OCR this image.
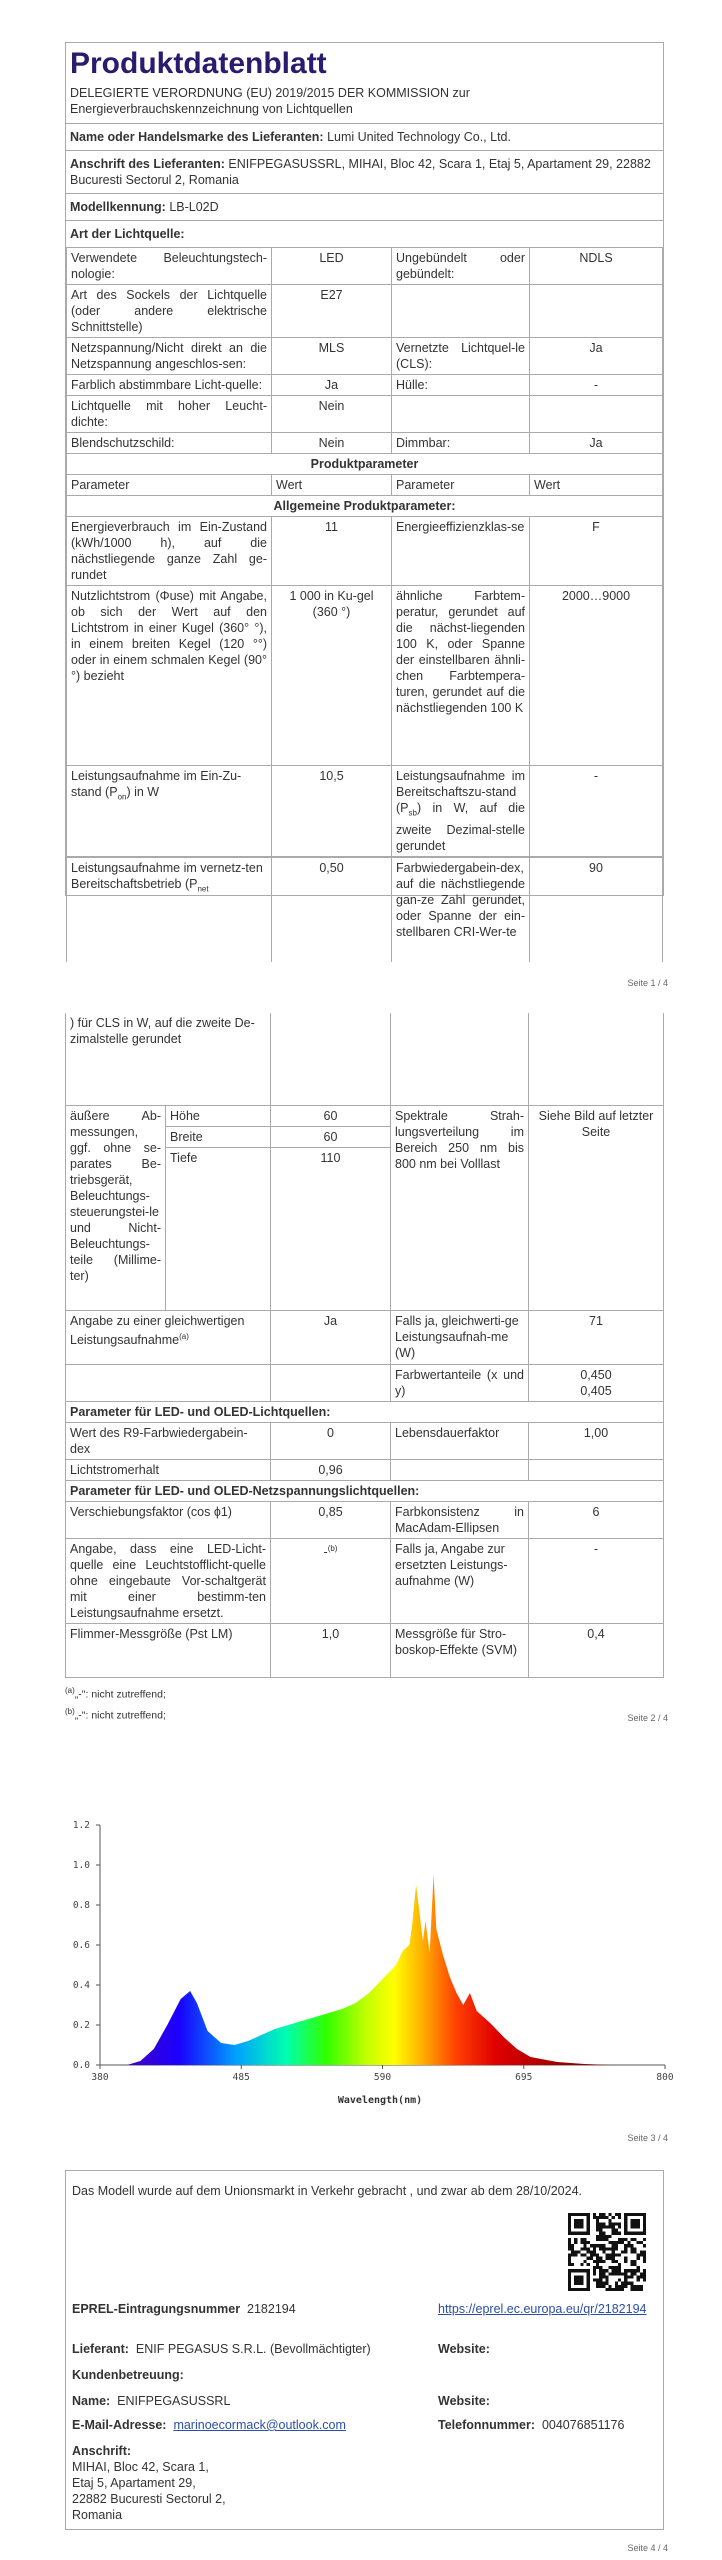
Produktdatenblatt
DELEGIERTE VERORDNUNG (EU) 2019/2015 DER KOMMISSION zur Energieverbrauchskennzeichnung von Lichtquellen
Name oder Handelsmarke des Lieferanten: Lumi United Technology Co., Ltd.
Anschrift des Lieferanten: ENIFPEGASUSSRL, MIHAI, Bloc 42, Scara 1, Etaj 5, Apartament 29, 22882 Bucuresti Sectorul 2, Romania
Modellkennung: LB-L02D
Art der Lichtquelle:
Verwendete Beleuchtungstech-nologie:	LED	Ungebündelt oder gebündelt:	NDLS
Art des Sockels der Lichtquelle (oder andere elektrische Schnittstelle)	E27		
Netzspannung/Nicht direkt an die Netzspannung angeschlos-sen:	MLS	Vernetzte Lichtquel-le (CLS):	Ja
Farblich abstimmbare Licht-quelle:	Ja	Hülle:	-
Lichtquelle mit hoher Leucht-dichte:	Nein		
Blendschutzschild:	Nein	Dimmbar:	Ja
Produktparameter			
Parameter	Wert	Parameter	Wert
Allgemeine Produktparameter:			
Energieverbrauch im Ein-Zustand (kWh/1000 h), auf die nächstliegende ganze Zahl ge-rundet	11	Energieeffizienzklas-se	F
Nutzlichtstrom (Φuse) mit Angabe, ob sich der Wert auf den Lichtstrom in einer Kugel (360° °), in einem breiten Kegel (120 °°) oder in einem schmalen Kegel (90° °) bezieht	1 000 in Ku-gel (360 °)	ähnliche Farbtem-peratur, gerundet auf die nächst-liegenden 100 K, oder Spanne der einstellbaren ähnli-chen Farbtempera-turen, gerundet auf die nächstliegenden 100 K	2000…9000
Leistungsaufnahme im Ein-Zu-stand $(P_{on})$ in W	10,5	Leistungsaufnahme im Bereitschaftszu-stand $(P_{sb})$ in W, auf die zweite Dezimal-stelle gerundet	-
Leistungsaufnahme im vernetz-ten Bereitschaftsbetrieb ($P_{net}$	0,50	Farbwiedergabein-dex, auf die nächstliegende gan-ze Zahl gerundet, oder Spanne der ein-stellbaren CRI-Wer-te	90
Seite 1 / 4
) für CLS in W, auf die zweite De-zimalstelle gerundet				
äußere Ab-messungen, ggf. ohne se-parates Be-triebsgerät, Beleuchtungs-steuerungstei-le und Nicht-Beleuchtungs-teile (Millime-ter)	Höhe	60	Spektrale Strah-lungsverteilung im Bereich 250 nm bis 800 nm bei Volllast	Siehe Bild auf letzter Seite
	Breite	60		
	Tiefe	110		
Angabe zu einer gleichwertigen Leistungsaufnahme$^{(a)}$		Ja	Falls ja, gleichwerti-ge Leistungsaufnah-me (W)	71
			Farbwertanteile (x und y)	0,450
0,405

Parameter für LED- und OLED-Lichtquellen:				
Wert des R9-Farbwiedergabein-dex		0	Lebensdauerfaktor	1,00
Lichtstromerhalt		0,96		
Parameter für LED- und OLED-Netzspannungslichtquellen:				
Verschiebungsfaktor (cos ϕ1)		0,85	Farbkonsistenz in MacAdam-Ellipsen	6
Angabe, dass eine LED-Licht-quelle eine Leuchtstofflicht-quelle ohne eingebaute Vor-schaltgerät mit einer bestimm-ten Leistungsaufnahme ersetzt.		-$^{(b)}$	Falls ja, Angabe zur ersetzten Leistungs-aufnahme (W)	-
Flimmer-Messgröße (Pst LM)		1,0	Messgröße für Stro-boskop-Effekte (SVM)	0,4
$^{(a)}$„-": nicht zutreffend;
$^{(b)}$„-": nicht zutreffend;	Seite 2 / 4
380	485	590	695	800
0.0
0.2
0.4
0.6
0.8
1.0
1.2
Wavelength(nm)
Seite 3 / 4
Das Modell wurde auf dem Unionsmarkt in Verkehr gebracht , und zwar ab dem 28/10/2024.
EPREL-Eintragungsnummer 2182194	https://eprel.ec.europa.eu/qr/2182194
Lieferant: ENIF PEGASUS S.R.L. (Bevollmächtigter)	Website:
Kundenbetreuung:
Name: ENIFPEGASUSSRL	Website:
E-Mail-Adresse: marinoecormack@outlook.com	Telefonnummer: 004076851176
Anschrift:
MIHAI, Bloc 42, Scara 1,
Etaj 5, Apartament 29,
22882 Bucuresti Sectorul 2,
Romania
Seite 4 / 4
